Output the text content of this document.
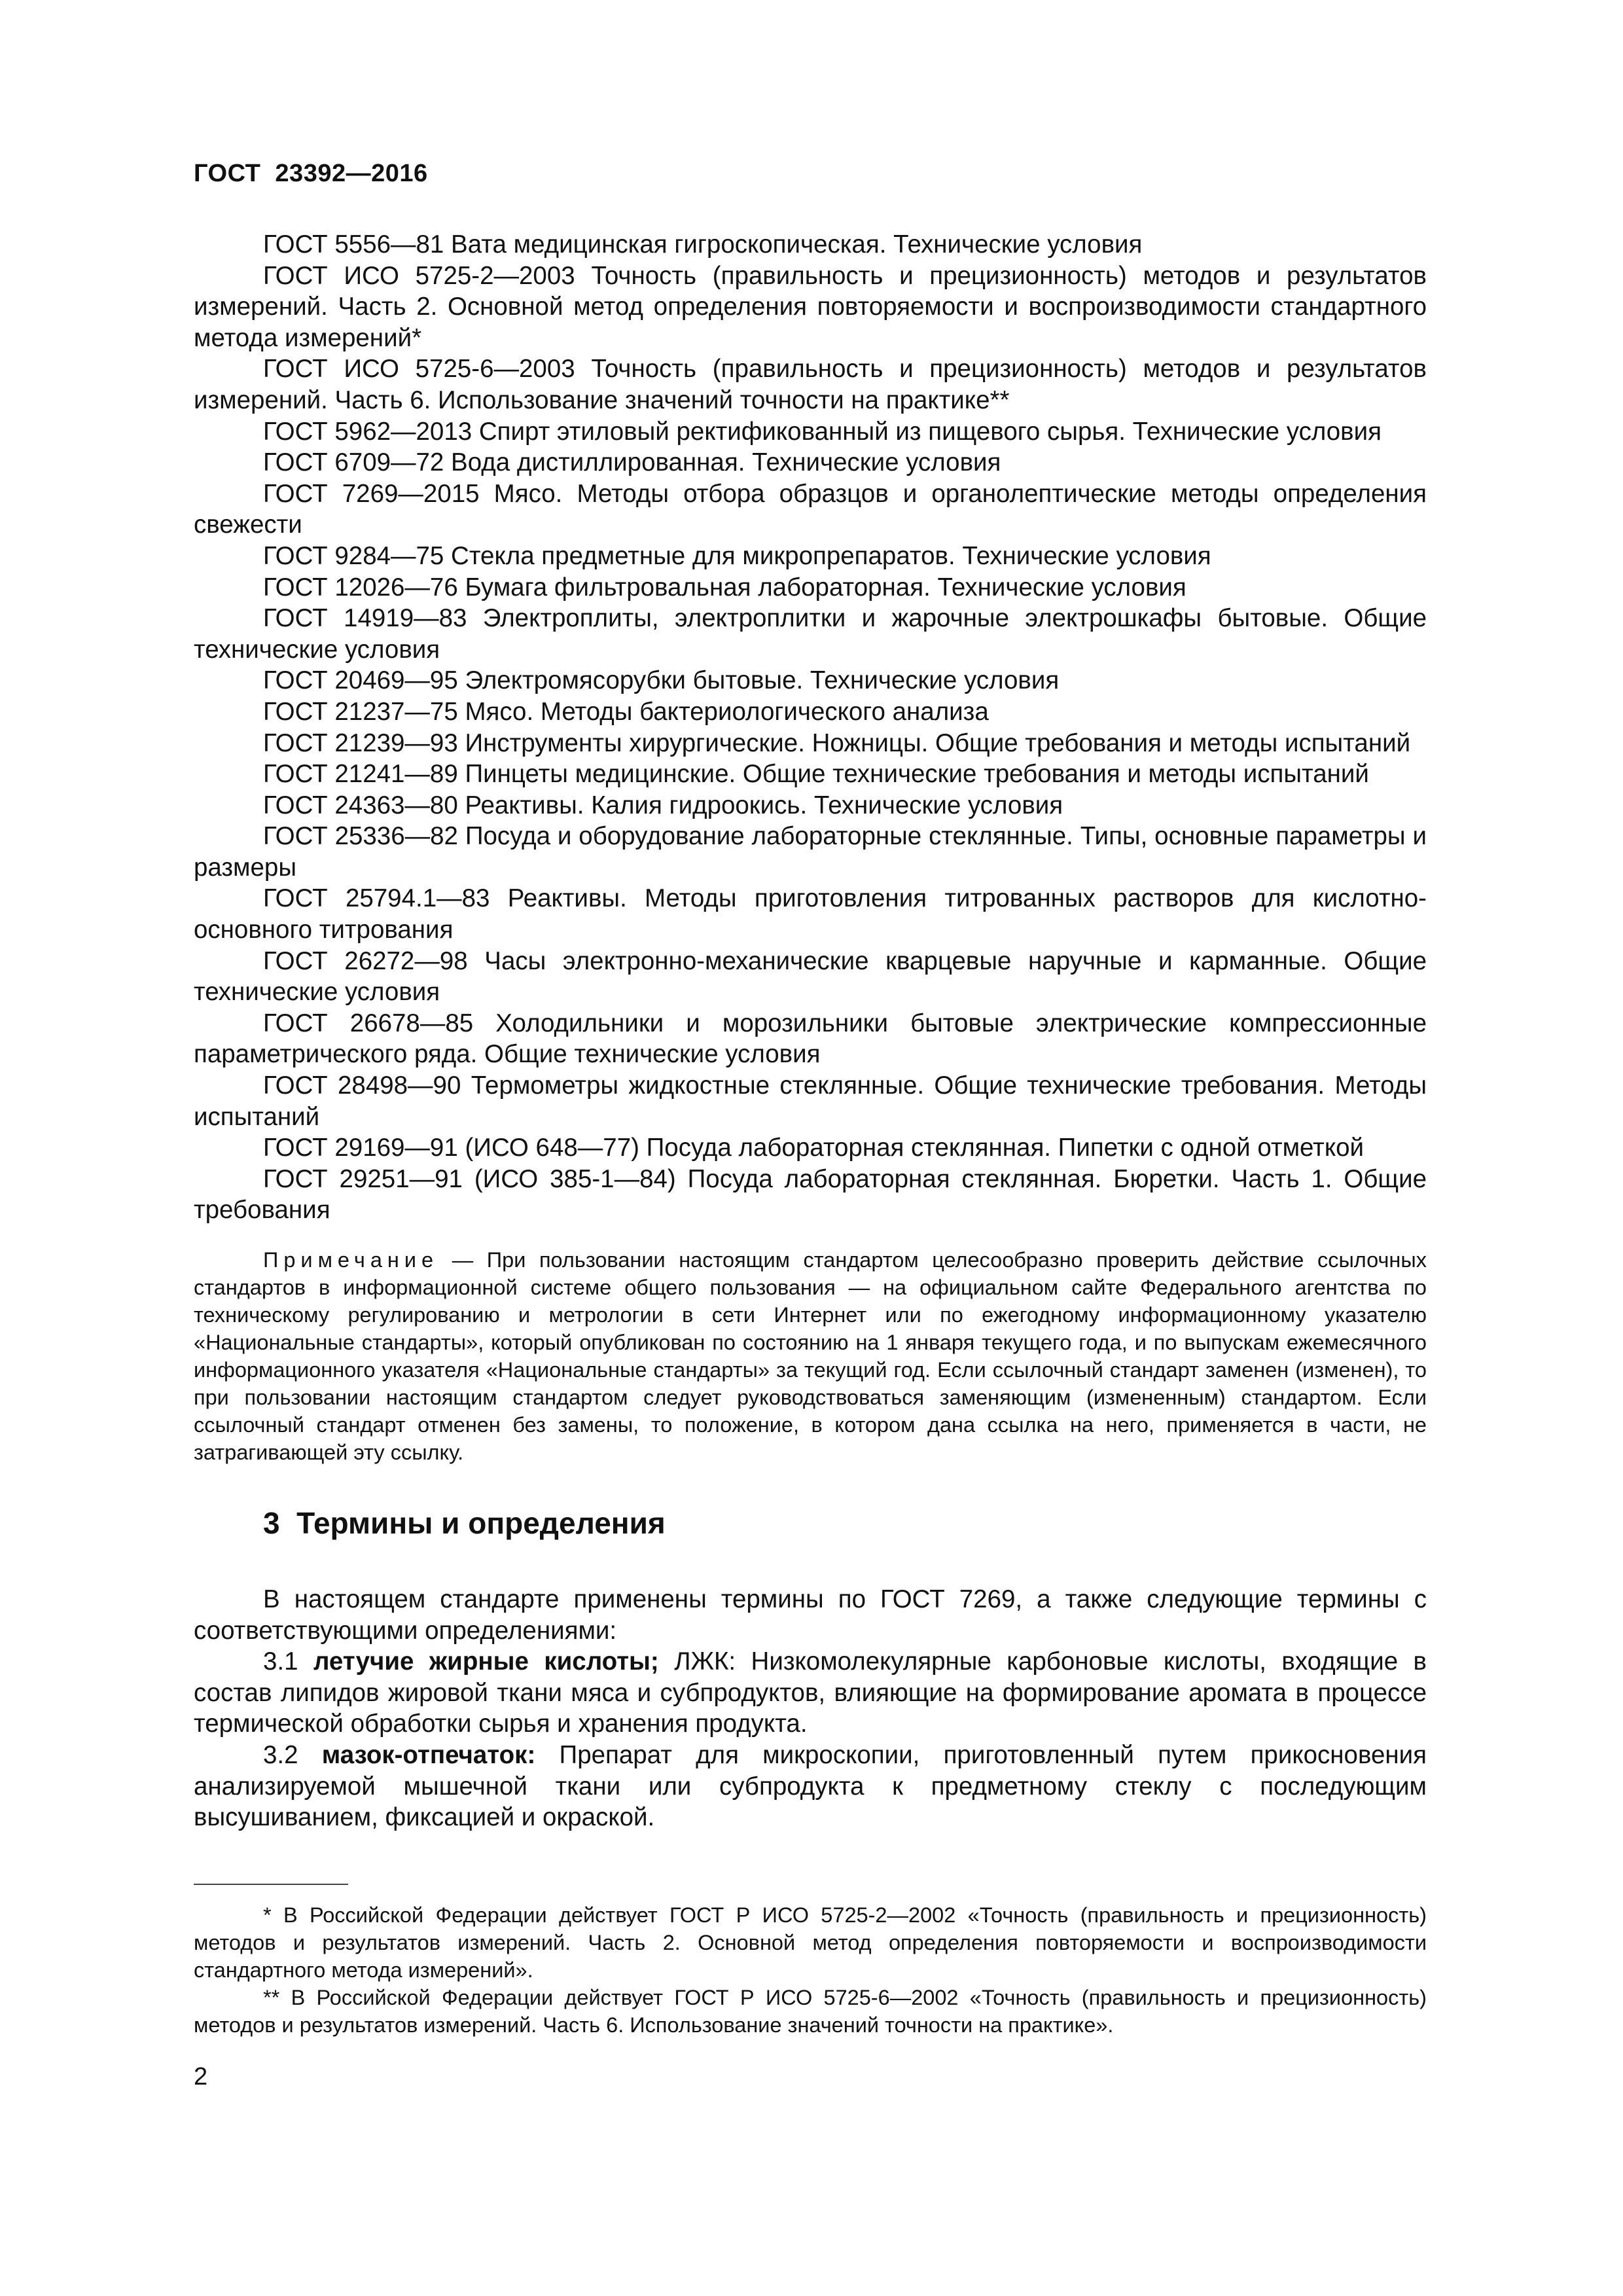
ГОСТ  23392—2016

ГОСТ 5556—81 Вата медицинская гигроскопическая. Технические условия

ГОСТ ИСО 5725-2—2003 Точность (правильность и прецизионность) методов и результатов измерений. Часть 2. Основной метод определения повторяемости и воспроизводимости стандартного метода измерений*

ГОСТ ИСО 5725-6—2003 Точность (правильность и прецизионность) методов и результатов измерений. Часть 6. Использование значений точности на практике**

ГОСТ 5962—2013 Спирт этиловый ректификованный из пищевого сырья. Технические условия

ГОСТ 6709—72 Вода дистиллированная. Технические условия

ГОСТ 7269—2015 Мясо. Методы отбора образцов и органолептические методы определения свежести

ГОСТ 9284—75 Стекла предметные для микропрепаратов. Технические условия

ГОСТ 12026—76 Бумага фильтровальная лабораторная. Технические условия

ГОСТ 14919—83 Электроплиты, электроплитки и жарочные электрошкафы бытовые. Общие технические условия

ГОСТ 20469—95 Электромясорубки бытовые. Технические условия

ГОСТ 21237—75 Мясо. Методы бактериологического анализа

ГОСТ 21239—93 Инструменты хирургические. Ножницы. Общие требования и методы испытаний

ГОСТ 21241—89 Пинцеты медицинские. Общие технические требования и методы испытаний

ГОСТ 24363—80 Реактивы. Калия гидроокись. Технические условия

ГОСТ 25336—82 Посуда и оборудование лабораторные стеклянные. Типы, основные параметры и размеры

ГОСТ 25794.1—83 Реактивы. Методы приготовления титрованных растворов для кислотно-основного титрования

ГОСТ 26272—98 Часы электронно-механические кварцевые наручные и карманные. Общие технические условия

ГОСТ 26678—85 Холодильники и морозильники бытовые электрические компрессионные параметрического ряда. Общие технические условия

ГОСТ 28498—90 Термометры жидкостные стеклянные. Общие технические требования. Методы испытаний

ГОСТ 29169—91 (ИСО 648—77) Посуда лабораторная стеклянная. Пипетки с одной отметкой

ГОСТ 29251—91 (ИСО 385-1—84) Посуда лабораторная стеклянная. Бюретки. Часть 1. Общие требования

Примечание — При пользовании настоящим стандартом целесообразно проверить действие ссылочных стандартов в информационной системе общего пользования — на официальном сайте Федерального агентства по техническому регулированию и метрологии в сети Интернет или по ежегодному информационному указателю «Национальные стандарты», который опубликован по состоянию на 1 января текущего года, и по выпускам ежемесячного информационного указателя «Национальные стандарты» за текущий год. Если ссылочный стандарт заменен (изменен), то при пользовании настоящим стандартом следует руководствоваться заменяющим (измененным) стандартом. Если ссылочный стандарт отменен без замены, то положение, в котором дана ссылка на него, применяется в части, не затрагивающей эту ссылку.

3  Термины и определения

В настоящем стандарте применены термины по ГОСТ 7269, а также следующие термины с соответствующими определениями:

3.1 летучие жирные кислоты; ЛЖК: Низкомолекулярные карбоновые кислоты, входящие в состав липидов жировой ткани мяса и субпродуктов, влияющие на формирование аромата в процессе термической обработки сырья и хранения продукта.

3.2 мазок-отпечаток: Препарат для микроскопии, приготовленный путем прикосновения анализируемой мышечной ткани или субпродукта к предметному стеклу с последующим высушиванием, фиксацией и окраской.

* В Российской Федерации действует ГОСТ Р ИСО 5725-2—2002 «Точность (правильность и прецизионность) методов и результатов измерений. Часть 2. Основной метод определения повторяемости и воспроизводимости стандартного метода измерений».

** В Российской Федерации действует ГОСТ Р ИСО 5725-6—2002 «Точность (правильность и прецизионность) методов и результатов измерений. Часть 6. Использование значений точности на практике».

2
